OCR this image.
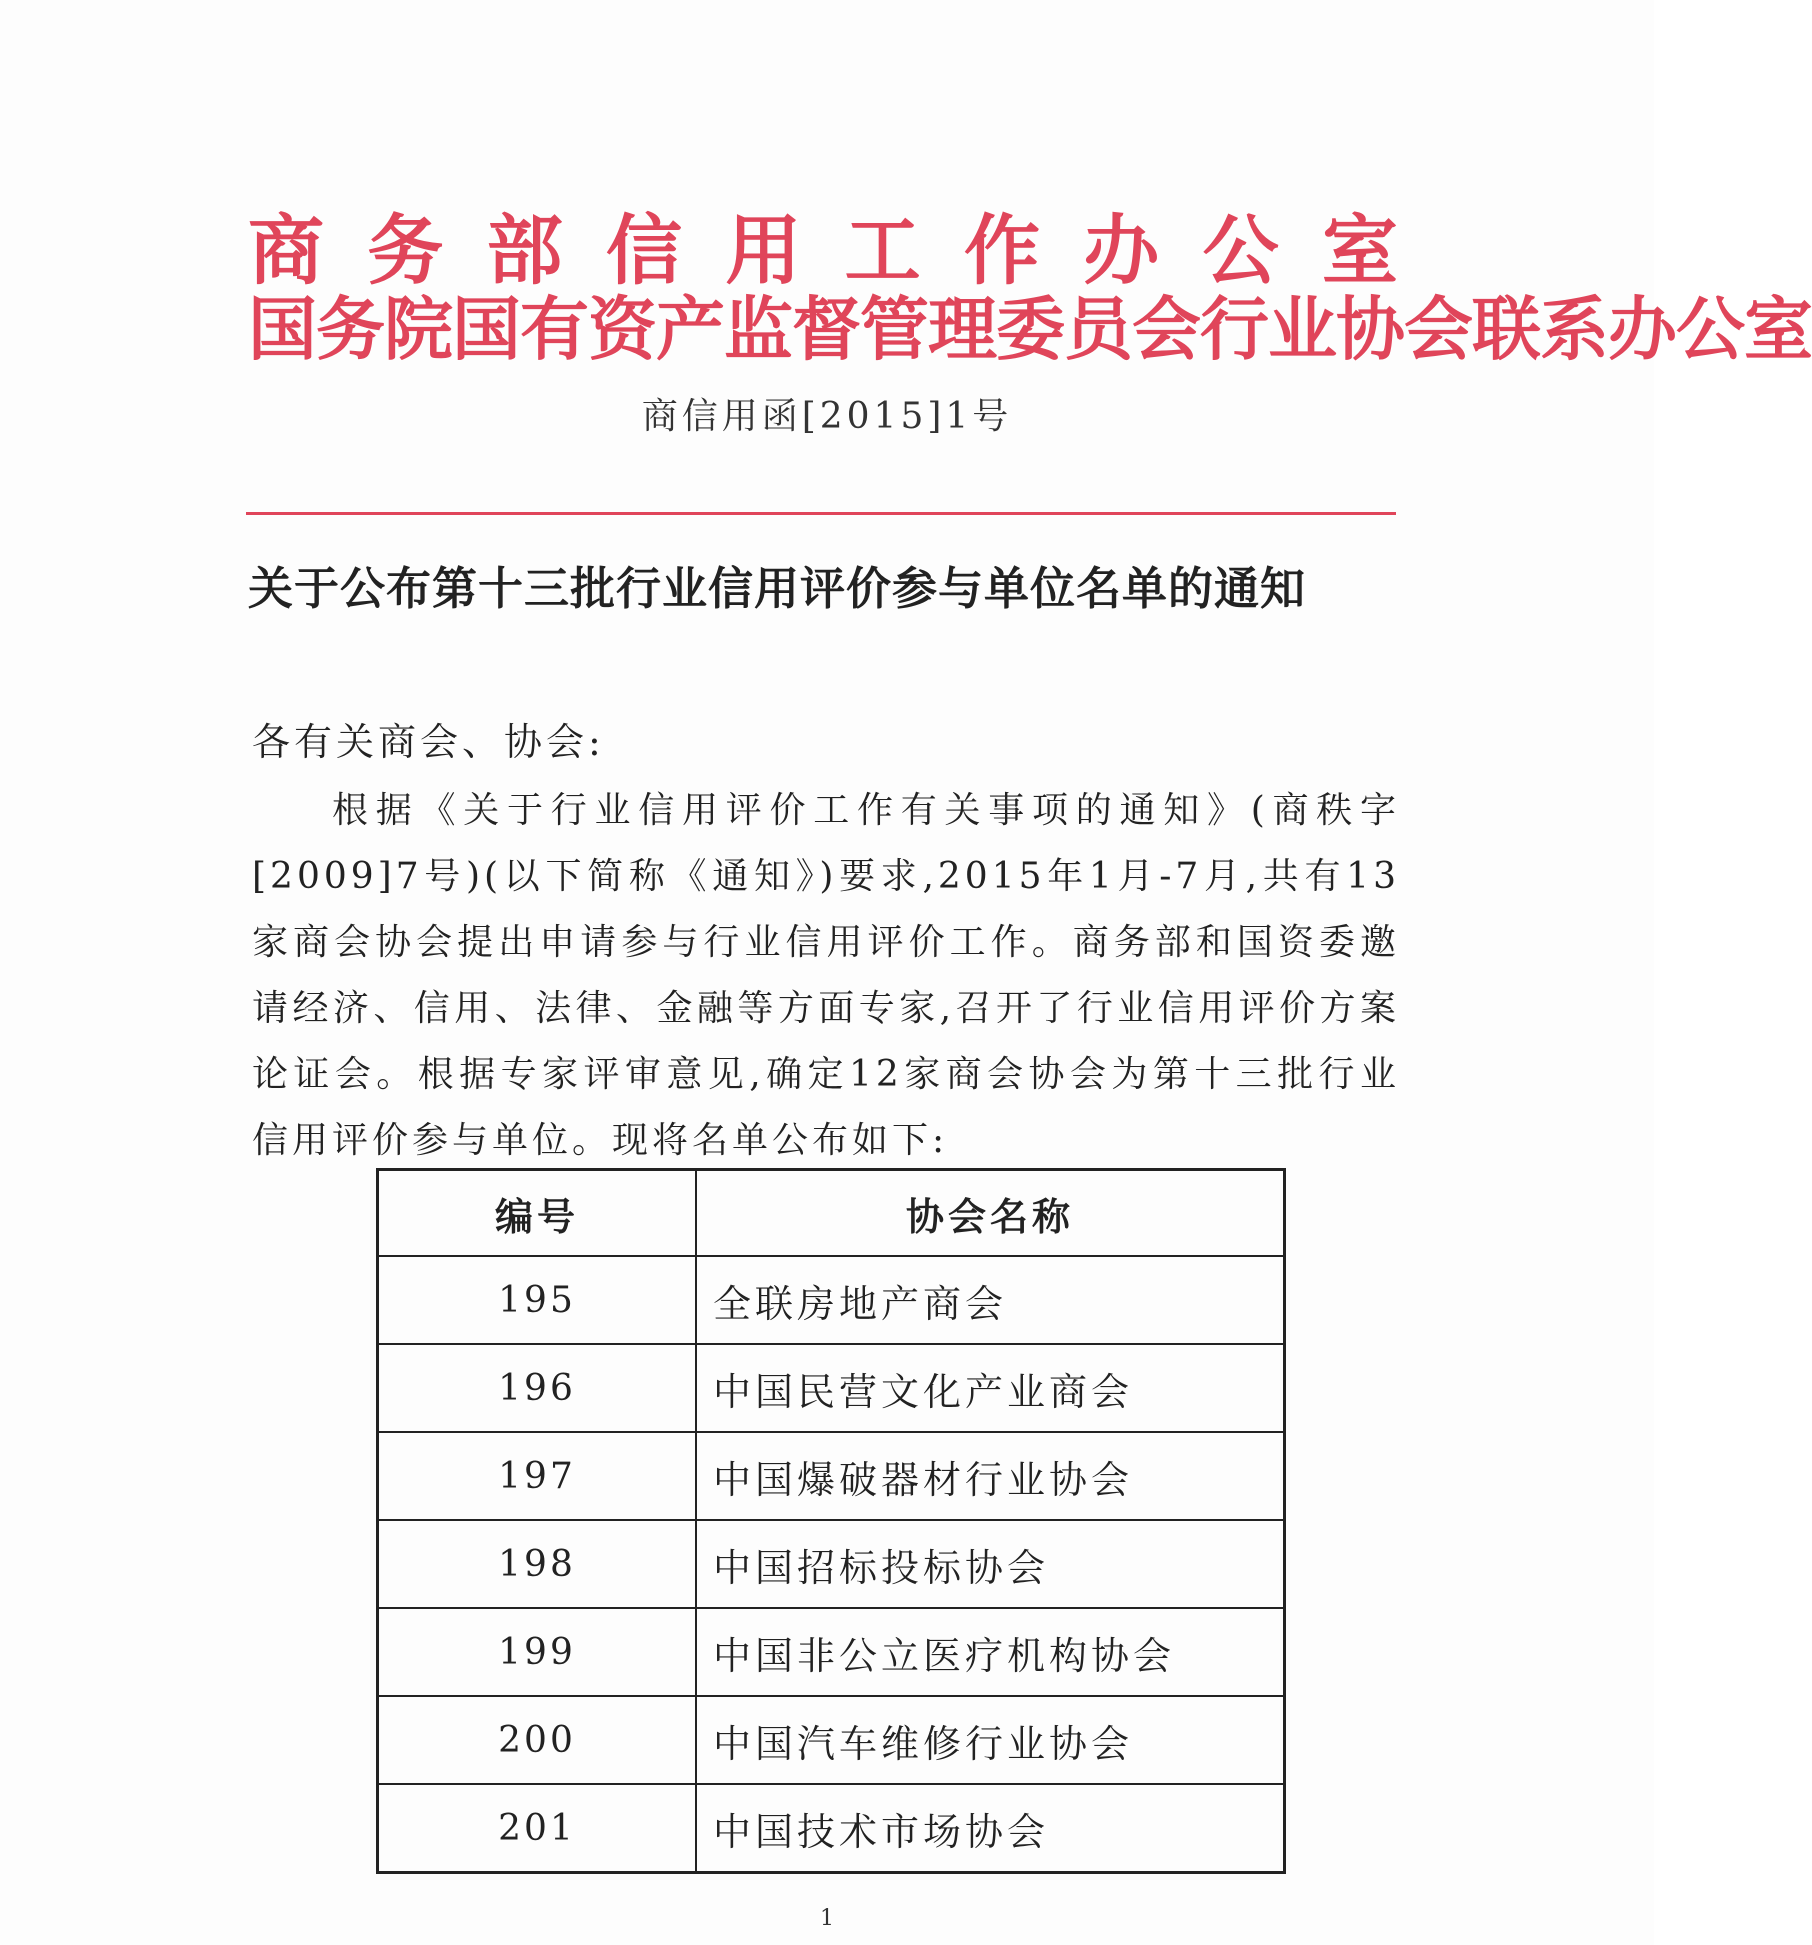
商 务 部 信 用 工 作 办 公 室
国务院国有资产监督管理委员会行业协会联系办公室
商信用函[2015]1号
关于公布第十三批行业信用评价参与单位名单的通知
各有关商会、协会:
根据《关于行业信用评价工作有关事项的通知》(商秩字[2009]7号)(以下简称《通知》)要求,2015年1月-7月,共有13家商会协会提出申请参与行业信用评价工作。商务部和国资委邀请经济、信用、法律、金融等方面专家,召开了行业信用评价方案论证会。根据专家评审意见,确定12家商会协会为第十三批行业信用评价参与单位。现将名单公布如下:
编号	协会名称
195	全联房地产商会
196	中国民营文化产业商会
197	中国爆破器材行业协会
198	中国招标投标协会
199	中国非公立医疗机构协会
200	中国汽车维修行业协会
201	中国技术市场协会
1
